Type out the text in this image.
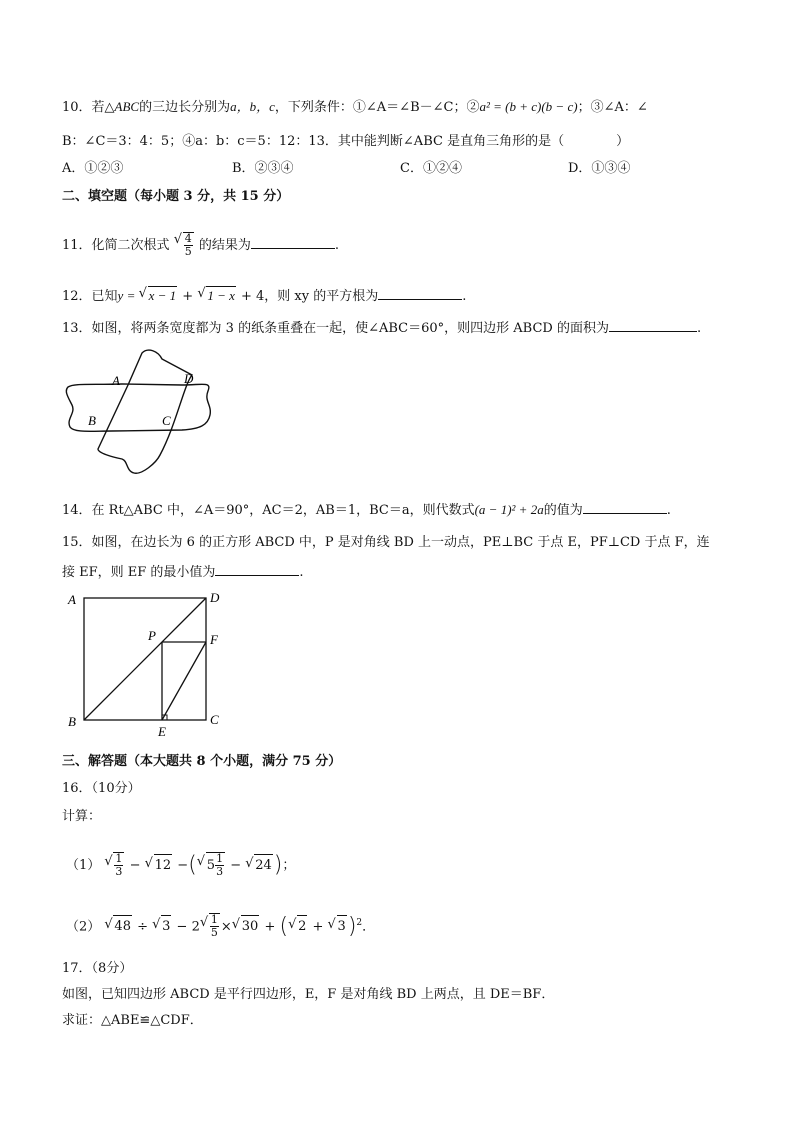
10．若△ABC的三边长分别为a，b，c，下列条件：①∠A＝∠B－∠C；②a² = (b + c)(b − c)；③∠A：∠
B：∠C＝3：4：5；④a：b：c＝5：12：13．其中能判断∠ABC 是直角三角形的是（　　　　）
A．①②③	B．②③④	C．①②④	D．①③④
二、填空题（每小题 3 分，共 15 分）
11．化简二次根式 √ $\frac{4}{5}$ 的结果为	.
12．已知y = √ x − 1 + √ 1 − x + 4，则 xy 的平方根为	.
13．如图，将两条宽度都为 3 的纸条重叠在一起，使∠ABC＝60°，则四边形 ABCD 的面积为	.
A	D
B	C
14．在 Rt△ABC 中，∠A＝90°，AC＝2，AB＝1，BC＝a，则代数式(a − 1)² + 2a的值为	.
15．如图，在边长为 6 的正方形 ABCD 中，P 是对角线 BD 上一动点，PE⊥BC 于点 E，PF⊥CD 于点 F，连
接 EF，则 EF 的最小值为	.
A	D
P	F
B
E
C
三、解答题（本大题共 8 个小题，满分 75 分）
16．（10分）
计算：
（1） √ $\frac{1}{3}$ − √ 12 −( √ $5 \frac{1}{3}$ − √ 24)；
（2） √ 48 ÷ √ 3 − 2 √ $\frac{1}{5}$ × √ 30 + ( √ 2 + √ 3)$^2$．
17．（8分）
如图，已知四边形 ABCD 是平行四边形，E，F 是对角线 BD 上两点，且 DE＝BF．
求证：△ABE≌△CDF．
